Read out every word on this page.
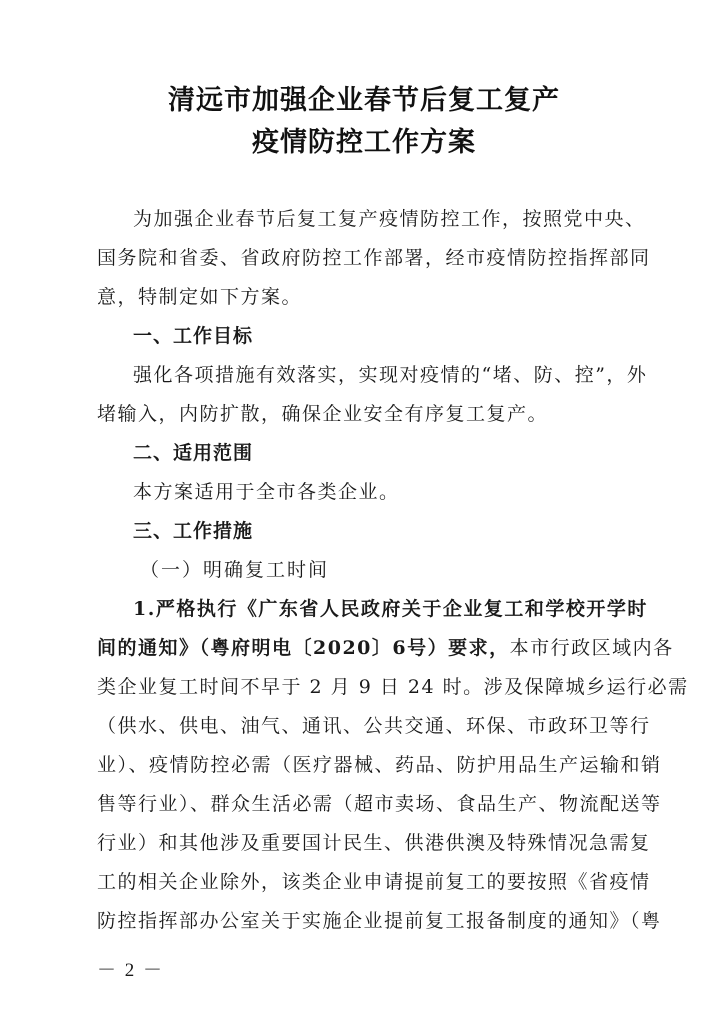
清远市加强企业春节后复工复产
疫情防控工作方案
为加强企业春节后复工复产疫情防控工作，按照党中央、
国务院和省委、省政府防控工作部署，经市疫情防控指挥部同
意，特制定如下方案。
一、工作目标
强化各项措施有效落实，实现对疫情的“堵、防、控”，外
堵输入，内防扩散，确保企业安全有序复工复产。
二、适用范围
本方案适用于全市各类企业。
三、工作措施
（一）明确复工时间
1.严格执行《广东省人民政府关于企业复工和学校开学时
间的通知》（粤府明电〔2020〕6号）要求，本市行政区域内各
类企业复工时间不早于 2 月 9 日 24 时。涉及保障城乡运行必需
（供水、供电、油气、通讯、公共交通、环保、市政环卫等行
业）、疫情防控必需（医疗器械、药品、防护用品生产运输和销
售等行业）、群众生活必需（超市卖场、食品生产、物流配送等
行业）和其他涉及重要国计民生、供港供澳及特殊情况急需复
工的相关企业除外，该类企业申请提前复工的要按照《省疫情
防控指挥部办公室关于实施企业提前复工报备制度的通知》（粤
－ 2 －
